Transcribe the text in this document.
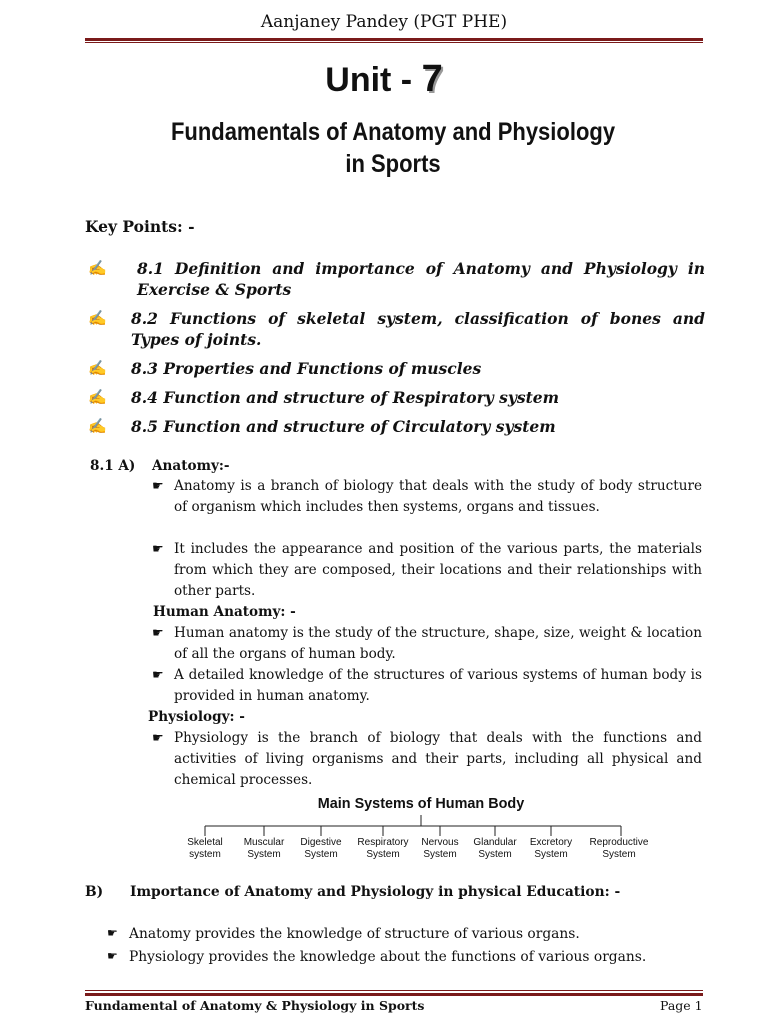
Aanjaney Pandey (PGT PHE)
Unit - 7
Fundamentals of Anatomy and Physiology
in Sports
Key Points: -
✍ 8.1 Definition and importance of Anatomy and Physiology in Exercise & Sports
✍ 8.2 Functions of skeletal system, classification of bones and Types of joints.
✍ 8.3 Properties and Functions of muscles
✍ 8.4 Function and structure of Respiratory system
✍ 8.5 Function and structure of Circulatory system
8.1 A) Anatomy:-
☛ Anatomy is a branch of biology that deals with the study of body structure of organism which includes then systems, organs and tissues.
☛ It includes the appearance and position of the various parts, the materials from which they are composed, their locations and their relationships with other parts.
Human Anatomy: -
☛ Human anatomy is the study of the structure, shape, size, weight & location of all the organs of human body.
☛ A detailed knowledge of the structures of various systems of human body is provided in human anatomy.
Physiology: -
☛ Physiology is the branch of biology that deals with the functions and activities of living organisms and their parts, including all physical and chemical processes.
Main Systems of Human Body
Skeletal
system
Muscular
System
Digestive
System
Respiratory
System
Nervous
System
Glandular
System
Excretory
System
Reproductive
System
B) Importance of Anatomy and Physiology in physical Education: -
☛ Anatomy provides the knowledge of structure of various organs.
☛ Physiology provides the knowledge about the functions of various organs.
Fundamental of Anatomy & Physiology in Sports	Page 1
